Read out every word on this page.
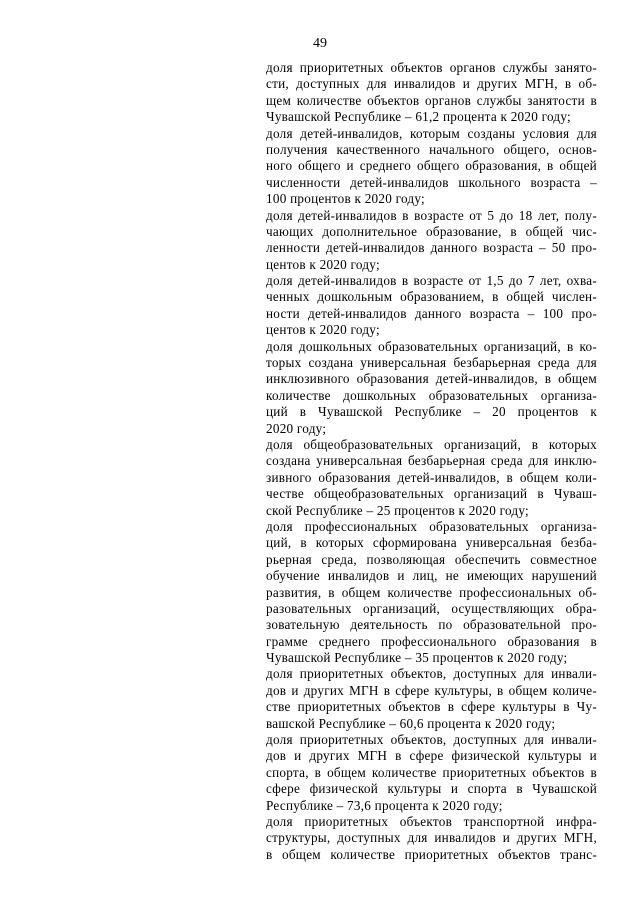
49
доля приоритетных объектов органов службы занято-
сти, доступных для инвалидов и других МГН, в об-
щем количестве объектов органов службы занятости в
Чувашской Республике – 61,2 процента к 2020 году;
доля детей-инвалидов, которым созданы условия для
получения качественного начального общего, основ-
ного общего и среднего общего образования, в общей
численности детей-инвалидов школьного возраста –
100 процентов к 2020 году;
доля детей-инвалидов в возрасте от 5 до 18 лет, полу-
чающих дополнительное образование, в общей чис-
ленности детей-инвалидов данного возраста – 50 про-
центов к 2020 году;
доля детей-инвалидов в возрасте от 1,5 до 7 лет, охва-
ченных дошкольным образованием, в общей числен-
ности детей-инвалидов данного возраста – 100 про-
центов к 2020 году;
доля дошкольных образовательных организаций, в ко-
торых создана универсальная безбарьерная среда для
инклюзивного образования детей-инвалидов, в общем
количестве дошкольных образовательных организа-
ций в Чувашской Республике – 20 процентов к
2020 году;
доля общеобразовательных организаций, в которых
создана универсальная безбарьерная среда для инклю-
зивного образования детей-инвалидов, в общем коли-
честве общеобразовательных организаций в Чуваш-
ской Республике – 25 процентов к 2020 году;
доля профессиональных образовательных организа-
ций, в которых сформирована универсальная безба-
рьерная среда, позволяющая обеспечить совместное
обучение инвалидов и лиц, не имеющих нарушений
развития, в общем количестве профессиональных об-
разовательных организаций, осуществляющих обра-
зовательную деятельность по образовательной про-
грамме среднего профессионального образования в
Чувашской Республике – 35 процентов к 2020 году;
доля приоритетных объектов, доступных для инвали-
дов и других МГН в сфере культуры, в общем количе-
стве приоритетных объектов в сфере культуры в Чу-
вашской Республике – 60,6 процента к 2020 году;
доля приоритетных объектов, доступных для инвали-
дов и других МГН в сфере физической культуры и
спорта, в общем количестве приоритетных объектов в
сфере физической культуры и спорта в Чувашской
Республике – 73,6 процента к 2020 году;
доля приоритетных объектов транспортной инфра-
структуры, доступных для инвалидов и других МГН,
в общем количестве приоритетных объектов транс-
